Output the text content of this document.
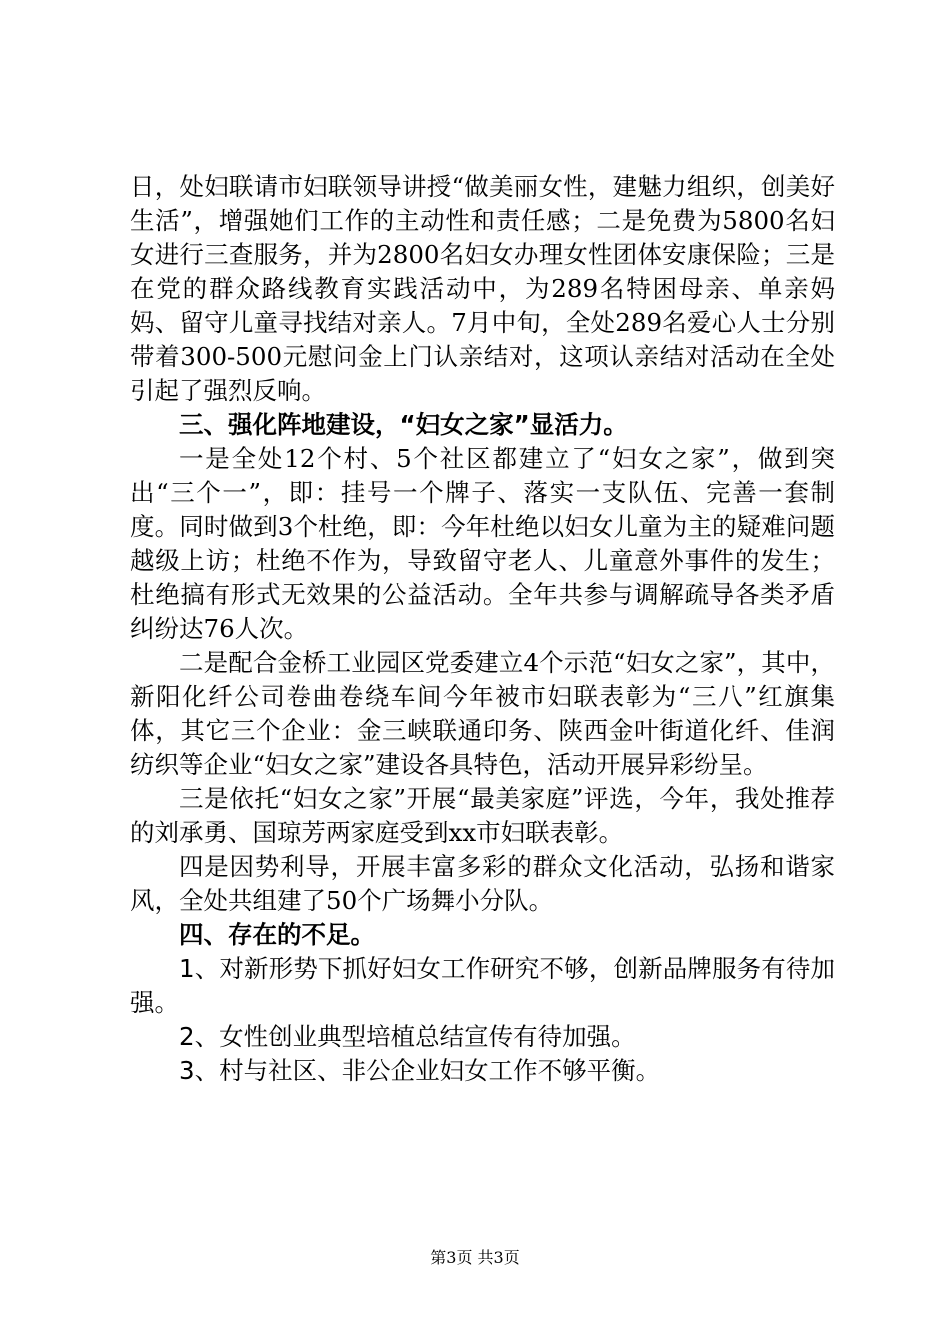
日，处妇联请市妇联领导讲授“做美丽女性，建魅力组织，创美好生活”，增强她们工作的主动性和责任感；二是免费为5800名妇女进行三查服务，并为2800名妇女办理女性团体安康保险；三是在党的群众路线教育实践活动中，为289名特困母亲、单亲妈妈、留守儿童寻找结对亲人。7月中旬，全处289名爱心人士分别带着300-500元慰问金上门认亲结对，这项认亲结对活动在全处引起了强烈反响。

三、强化阵地建设，“妇女之家”显活力。

一是全处12个村、5个社区都建立了“妇女之家”，做到突出“三个一”，即：挂号一个牌子、落实一支队伍、完善一套制度。同时做到3个杜绝，即：今年杜绝以妇女儿童为主的疑难问题越级上访；杜绝不作为，导致留守老人、儿童意外事件的发生；杜绝搞有形式无效果的公益活动。全年共参与调解疏导各类矛盾纠纷达76人次。

二是配合金桥工业园区党委建立4个示范“妇女之家”，其中，新阳化纤公司卷曲卷绕车间今年被市妇联表彰为“三八”红旗集体，其它三个企业：金三峡联通印务、陕西金叶街道化纤、佳润纺织等企业“妇女之家”建设各具特色，活动开展异彩纷呈。

三是依托“妇女之家”开展“最美家庭”评选，今年，我处推荐的刘承勇、国琼芳两家庭受到xx市妇联表彰。

四是因势利导，开展丰富多彩的群众文化活动，弘扬和谐家风，全处共组建了50个广场舞小分队。

四、存在的不足。

1、对新形势下抓好妇女工作研究不够，创新品牌服务有待加强。

2、女性创业典型培植总结宣传有待加强。

3、村与社区、非公企业妇女工作不够平衡。

第3页 共3页
